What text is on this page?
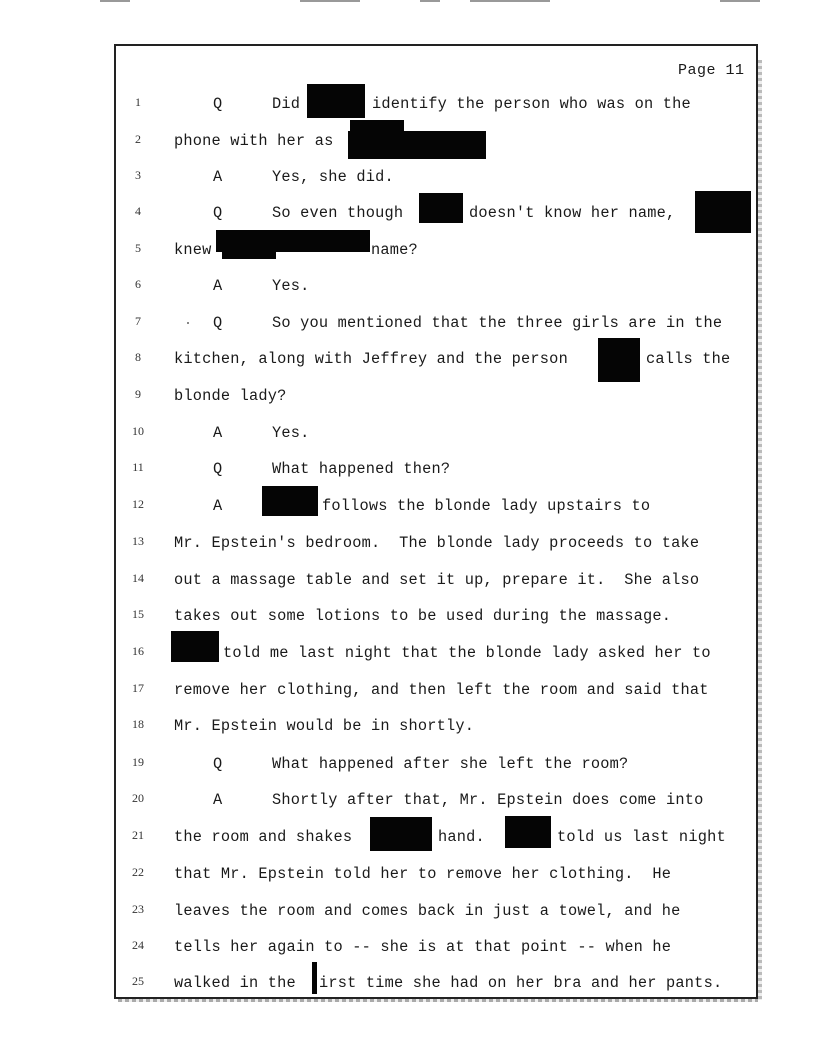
Page 11
1	Q	Did	identify the person who was on the
2	phone with her as
3	A	Yes, she did.
4	Q	So even though	doesn't know her name,
5	knew	name?
6	A	Yes.
7	Q	So you mentioned that the three girls are in the
8	kitchen, along with Jeffrey and the person	calls the
9	blonde lady?
10	A	Yes.
11	Q	What happened then?
12	A	follows the blonde lady upstairs to
13	Mr. Epstein's bedroom.  The blonde lady proceeds to take
14	out a massage table and set it up, prepare it.  She also
15	takes out some lotions to be used during the massage.
16	told me last night that the blonde lady asked her to
17	remove her clothing, and then left the room and said that
18	Mr. Epstein would be in shortly.
19	Q	What happened after she left the room?
20	A	Shortly after that, Mr. Epstein does come into
21	the room and shakes	hand.	told us last night
22	that Mr. Epstein told her to remove her clothing.  He
23	leaves the room and comes back in just a towel, and he
24	tells her again to -- she is at that point -- when he
25	walked in the irst time she had on her bra and her pants.
